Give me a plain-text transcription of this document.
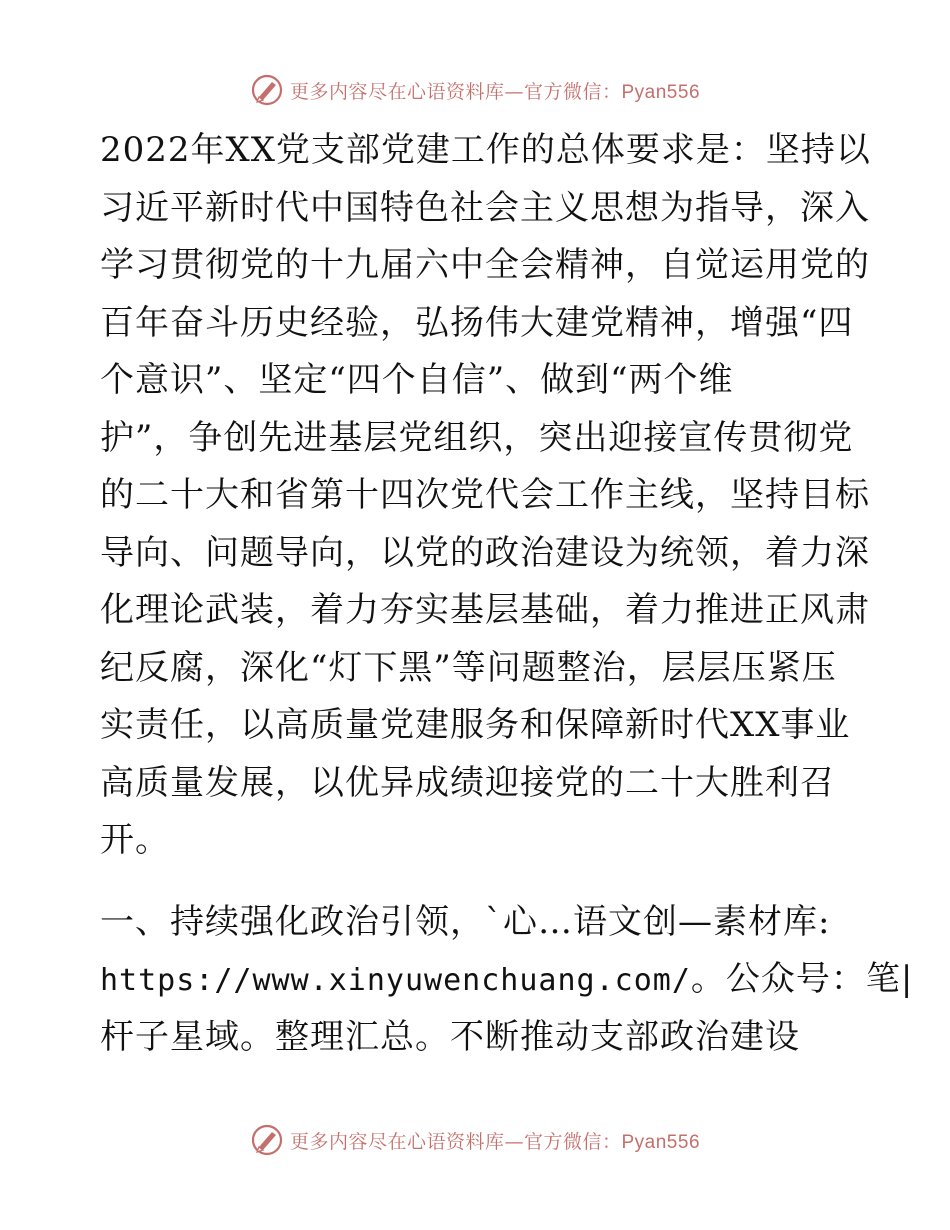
更多内容尽在心语资料库—官方微信：Pyan556
2022年XX党支部党建工作的总体要求是：坚持以
习近平新时代中国特色社会主义思想为指导，深入
学习贯彻党的十九届六中全会精神，自觉运用党的
百年奋斗历史经验，弘扬伟大建党精神，增强“四
个意识”、坚定“四个自信”、做到“两个维
护”，争创先进基层党组织，突出迎接宣传贯彻党
的二十大和省第十四次党代会工作主线，坚持目标
导向、问题导向，以党的政治建设为统领，着力深
化理论武装，着力夯实基层基础，着力推进正风肃
纪反腐，深化“灯下黑”等问题整治，层层压紧压
实责任，以高质量党建服务和保障新时代XX事业
高质量发展，以优异成绩迎接党的二十大胜利召
开。
一、持续强化政治引领，`心…语文创—素材库:
https://www.xinyuwenchuang.com/。公众号：笔|
杆子星域。整理汇总。不断推动支部政治建设
更多内容尽在心语资料库—官方微信：Pyan556
